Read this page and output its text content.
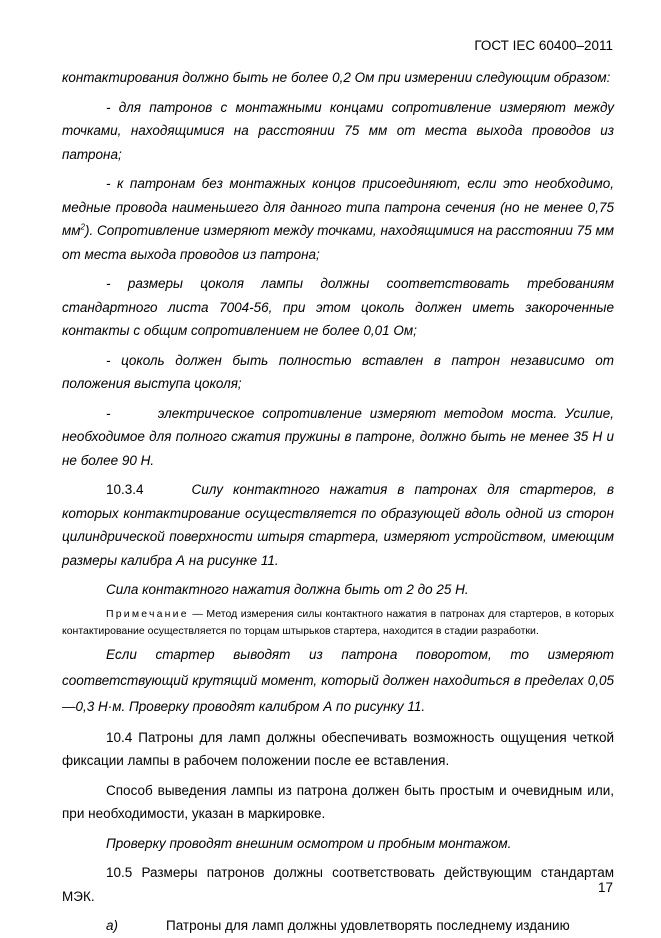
ГОСТ IEC 60400–2011

контактирования должно быть не более 0,2 Ом при измерении следующим образом:

- для патронов с монтажными концами сопротивление измеряют между точками, находящимися на расстоянии 75 мм от места выхода проводов из патрона;

- к патронам без монтажных концов присоединяют, если это необходимо, медные провода наименьшего для данного типа патрона сечения (но не менее 0,75 $мм^2$). Сопротивление измеряют между точками, находящимися на расстоянии 75 мм от места выхода проводов из патрона;

- размеры цоколя лампы должны соответствовать требованиям стандартного листа 7004-56, при этом цоколь должен иметь закороченные контакты с общим сопротивлением не более 0,01 Ом;

- цоколь должен быть полностью вставлен в патрон независимо от положения выступа цоколя;

-      электрическое сопротивление измеряют методом моста. Усилие, необходимое для полного сжатия пружины в патроне, должно быть не менее 35 Н и не более 90 Н.

10.3.4	Силу контактного нажатия в патронах для стартеров, в которых контактирование осуществляется по образующей вдоль одной из сторон цилиндрической поверхности штыря стартера, измеряют устройством, имеющим размеры калибра А на рисунке 11.

Сила контактного нажатия должна быть от 2 до 25 Н.

Примечание — Метод измерения силы контактного нажатия в патронах для стартеров, в которых контактирование осуществляется по торцам штырьков стартера, находится в стадии разработки.

Если стартер выводят из патрона поворотом, то измеряют соответствующий крутящий момент, который должен находиться в пределах 0,05—0,3 Н·м. Проверку проводят калибром А по рисунку 11.

10.4 Патроны для ламп должны обеспечивать возможность ощущения четкой фиксации лампы в рабочем положении после ее вставления.

Способ выведения лампы из патрона должен быть простым и очевидным или, при необходимости, указан в маркировке.

Проверку проводят внешним осмотром и пробным монтажом.

10.5 Размеры патронов должны соответствовать действующим стандартам МЭК.

а)	Патроны для ламп должны удовлетворять последнему изданию

17
